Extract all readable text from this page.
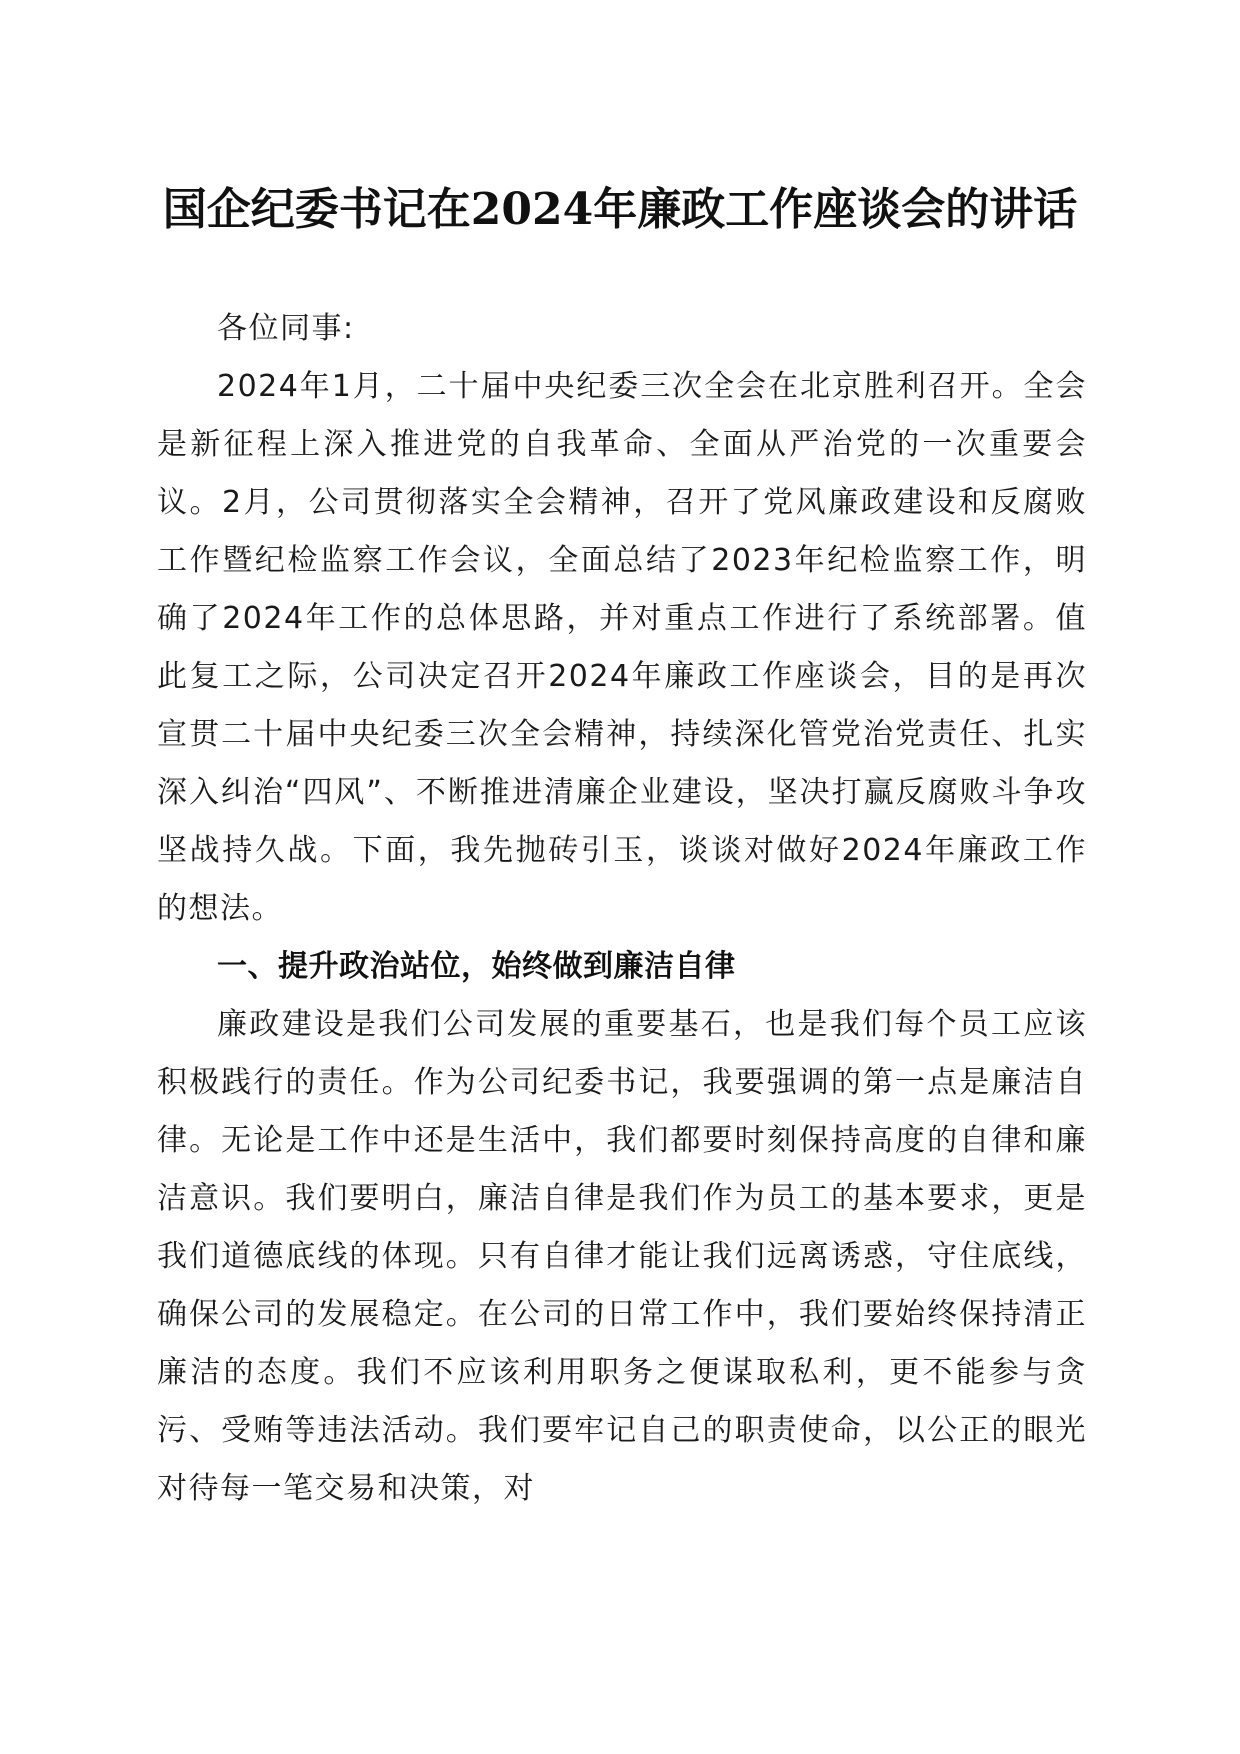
国企纪委书记在2024年廉政工作座谈会的讲话

各位同事:

2024年1月，二十届中央纪委三次全会在北京胜利召开。全会是新征程上深入推进党的自我革命、全面从严治党的一次重要会议。2月，公司贯彻落实全会精神，召开了党风廉政建设和反腐败工作暨纪检监察工作会议，全面总结了2023年纪检监察工作，明确了2024年工作的总体思路，并对重点工作进行了系统部署。值此复工之际，公司决定召开2024年廉政工作座谈会，目的是再次宣贯二十届中央纪委三次全会精神，持续深化管党治党责任、扎实深入纠治“四风”、不断推进清廉企业建设，坚决打赢反腐败斗争攻坚战持久战。下面，我先抛砖引玉，谈谈对做好2024年廉政工作的想法。

一、提升政治站位，始终做到廉洁自律

廉政建设是我们公司发展的重要基石，也是我们每个员工应该积极践行的责任。作为公司纪委书记，我要强调的第一点是廉洁自律。无论是工作中还是生活中，我们都要时刻保持高度的自律和廉洁意识。我们要明白，廉洁自律是我们作为员工的基本要求，更是我们道德底线的体现。只有自律才能让我们远离诱惑，守住底线，确保公司的发展稳定。在公司的日常工作中，我们要始终保持清正廉洁的态度。我们不应该利用职务之便谋取私利，更不能参与贪污、受贿等违法活动。我们要牢记自己的职责使命，以公正的眼光对待每一笔交易和决策，对
